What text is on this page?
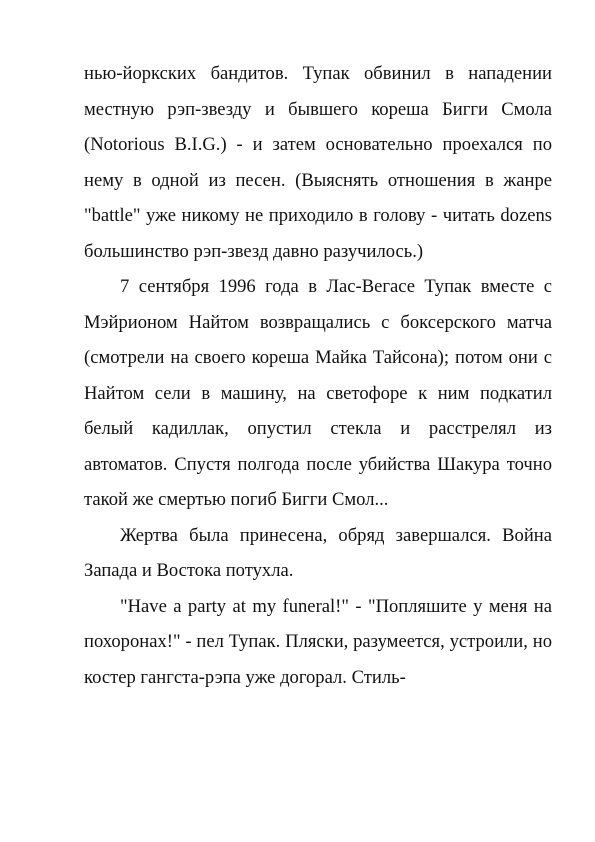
нью-йоркских бандитов. Тупак обвинил в нападении местную рэп-звезду и бывшего кореша Бигги Смола (Notorious B.I.G.) - и затем основательно проехался по нему в одной из песен. (Выяснять отношения в жанре "battle" уже никому не приходило в голову - читать dozens большинство рэп-звезд давно разучилось.)

7 сентября 1996 года в Лас-Вегасе Тупак вместе с Мэйрионом Найтом возвращались с боксерского матча (смотрели на своего кореша Майка Тайсона); потом они с Найтом сели в машину, на светофоре к ним подкатил белый кадиллак, опустил стекла и расстрелял из автоматов. Спустя полгода после убийства Шакура точно такой же смертью погиб Бигги Смол...

Жертва была принесена, обряд завершался. Война Запада и Востока потухла.

"Have a party at my funeral!" - "Попляшите у меня на похоронах!" - пел Тупак. Пляски, разумеется, устроили, но костер гангста-рэпа уже догорал. Стиль-
